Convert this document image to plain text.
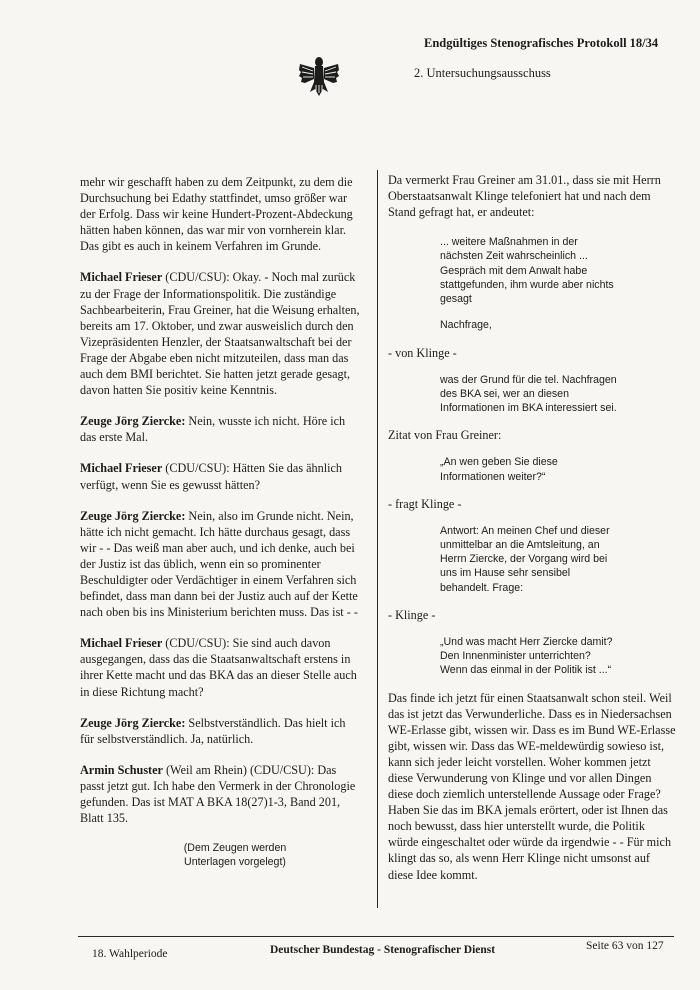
Endgültiges Stenografisches Protokoll 18/34
2. Untersuchungsausschuss

mehr wir geschafft haben zu dem Zeitpunkt, zu dem die Durchsuchung bei Edathy stattfindet, umso größer war der Erfolg. Dass wir keine Hundert-Prozent-Abdeckung hätten haben können, das war mir von vornherein klar. Das gibt es auch in keinem Verfahren im Grunde.

Michael Frieser (CDU/CSU): Okay. - Noch mal zurück zu der Frage der Informationspolitik. Die zuständige Sachbearbeiterin, Frau Greiner, hat die Weisung erhalten, bereits am 17. Oktober, und zwar ausweislich durch den Vizepräsidenten Henzler, der Staatsanwaltschaft bei der Frage der Abgabe eben nicht mitzuteilen, dass man das auch dem BMI berichtet. Sie hatten jetzt gerade gesagt, davon hatten Sie positiv keine Kenntnis.

Zeuge Jörg Ziercke: Nein, wusste ich nicht. Höre ich das erste Mal.

Michael Frieser (CDU/CSU): Hätten Sie das ähnlich verfügt, wenn Sie es gewusst hätten?

Zeuge Jörg Ziercke: Nein, also im Grunde nicht. Nein, hätte ich nicht gemacht. Ich hätte durchaus gesagt, dass wir - - Das weiß man aber auch, und ich denke, auch bei der Justiz ist das üblich, wenn ein so prominenter Beschuldigter oder Verdächtiger in einem Verfahren sich befindet, dass man dann bei der Justiz auch auf der Kette nach oben bis ins Ministerium berichten muss. Das ist - -

Michael Frieser (CDU/CSU): Sie sind auch davon ausgegangen, dass das die Staatsanwaltschaft erstens in ihrer Kette macht und das BKA das an dieser Stelle auch in diese Richtung macht?

Zeuge Jörg Ziercke: Selbstverständlich. Das hielt ich für selbstverständlich. Ja, natürlich.

Armin Schuster (Weil am Rhein) (CDU/CSU): Das passt jetzt gut. Ich habe den Vermerk in der Chronologie gefunden. Das ist MAT A BKA 18(27)1-3, Band 201, Blatt 135.

(Dem Zeugen werden Unterlagen vorgelegt)

Da vermerkt Frau Greiner am 31.01., dass sie mit Herrn Oberstaatsanwalt Klinge telefoniert hat und nach dem Stand gefragt hat, er andeutet:

... weitere Maßnahmen in der nächsten Zeit wahrscheinlich ... Gespräch mit dem Anwalt habe stattgefunden, ihm wurde aber nichts gesagt
Nachfrage,
- von Klinge -
was der Grund für die tel. Nachfragen des BKA sei, wer an diesen Informationen im BKA interessiert sei.
Zitat von Frau Greiner:
„An wen geben Sie diese Informationen weiter?“
- fragt Klinge -
Antwort: An meinen Chef und dieser unmittelbar an die Amtsleitung, an Herrn Ziercke, der Vorgang wird bei uns im Hause sehr sensibel behandelt. Frage:
- Klinge -
„Und was macht Herr Ziercke damit? Den Innenminister unterrichten? Wenn das einmal in der Politik ist ...“

Das finde ich jetzt für einen Staatsanwalt schon steil. Weil das ist jetzt das Verwunderliche. Dass es in Niedersachsen WE-Erlasse gibt, wissen wir. Dass es im Bund WE-Erlasse gibt, wissen wir. Dass das WE-meldewürdig sowieso ist, kann sich jeder leicht vorstellen. Woher kommen jetzt diese Verwunderung von Klinge und vor allen Dingen diese doch ziemlich unterstellende Aussage oder Frage? Haben Sie das im BKA jemals erörtert, oder ist Ihnen das noch bewusst, dass hier unterstellt wurde, die Politik würde eingeschaltet oder würde da irgendwie - - Für mich klingt das so, als wenn Herr Klinge nicht umsonst auf diese Idee kommt.

18. Wahlperiode	Deutscher Bundestag - Stenografischer Dienst	Seite 63 von 127
